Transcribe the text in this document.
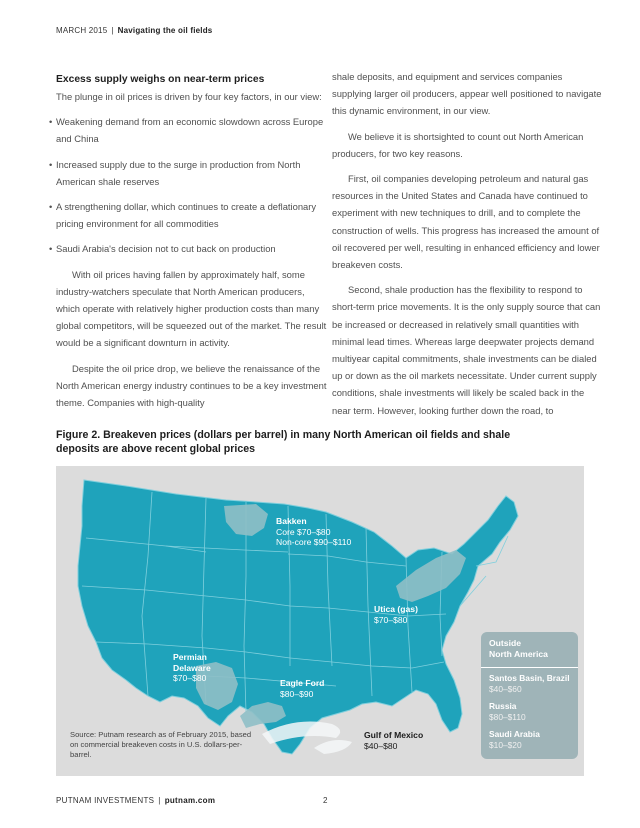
MARCH 2015 | Navigating the oil fields
Excess supply weighs on near-term prices

The plunge in oil prices is driven by four key factors, in our view:

• Weakening demand from an economic slowdown across Europe and China
• Increased supply due to the surge in production from North American shale reserves
• A strengthening dollar, which continues to create a deflationary pricing environment for all commodities
• Saudi Arabia's decision not to cut back on production

With oil prices having fallen by approximately half, some industry-watchers speculate that North American producers, which operate with relatively higher production costs than many global competitors, will be squeezed out of the market. The result would be a significant downturn in activity.

Despite the oil price drop, we believe the renaissance of the North American energy industry continues to be a key investment theme. Companies with high-quality

shale deposits, and equipment and services companies supplying larger oil producers, appear well positioned to navigate this dynamic environment, in our view.

We believe it is shortsighted to count out North American producers, for two key reasons.

First, oil companies developing petroleum and natural gas resources in the United States and Canada have continued to experiment with new techniques to drill, and to complete the construction of wells. This progress has increased the amount of oil recovered per well, resulting in enhanced efficiency and lower breakeven costs.

Second, shale production has the flexibility to respond to short-term price movements. It is the only supply source that can be increased or decreased in relatively small quantities with minimal lead times. Whereas large deepwater projects demand multiyear capital commitments, shale investments can be dialed up or down as the oil markets necessitate. Under current supply conditions, shale investments will likely be scaled back in the near term. However, looking further down the road, to

Figure 2. Breakeven prices (dollars per barrel) in many North American oil fields and shale deposits are above recent global prices
Bakken
Core $70–$80
Non-core $90–$110
Utica (gas)
$70–$80
Permian
Delaware
$70–$80	Eagle Ford
$80–$90
Gulf of Mexico
$40–$80
Outside
North America
Santos Basin, Brazil
$40–$60
Russia
$80–$110
Saudi Arabia
$10–$20
Source: Putnam research as of February 2015, based on commercial breakeven costs in U.S. dollars-per-barrel.
PUTNAM INVESTMENTS | putnam.com	2
